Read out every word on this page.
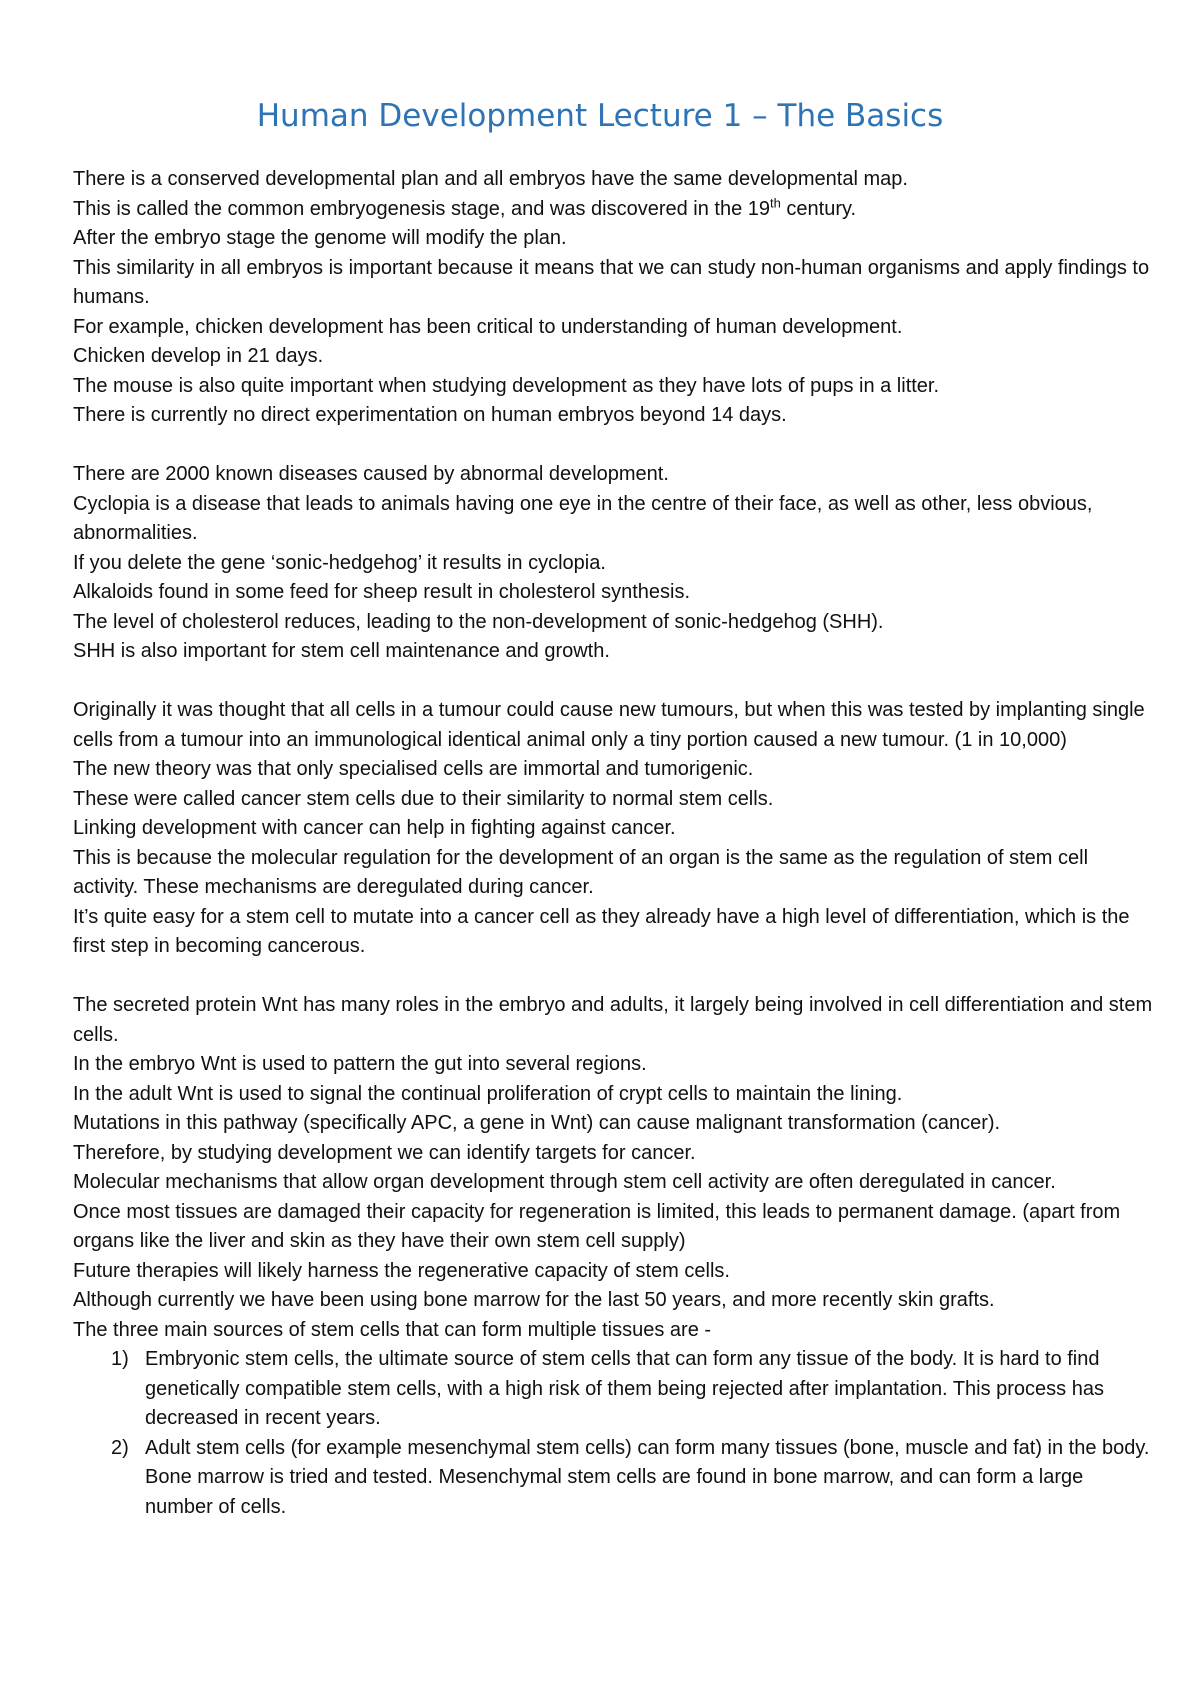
Human Development Lecture 1 – The Basics

There is a conserved developmental plan and all embryos have the same developmental map.

This is called the common embryogenesis stage, and was discovered in the 19th century.

After the embryo stage the genome will modify the plan.

This similarity in all embryos is important because it means that we can study non-human organisms and apply findings to humans.

For example, chicken development has been critical to understanding of human development.

Chicken develop in 21 days.

The mouse is also quite important when studying development as they have lots of pups in a litter.

There is currently no direct experimentation on human embryos beyond 14 days.

There are 2000 known diseases caused by abnormal development.

Cyclopia is a disease that leads to animals having one eye in the centre of their face, as well as other, less obvious, abnormalities.

If you delete the gene ‘sonic-hedgehog’ it results in cyclopia.

Alkaloids found in some feed for sheep result in cholesterol synthesis.

The level of cholesterol reduces, leading to the non-development of sonic-hedgehog (SHH).

SHH is also important for stem cell maintenance and growth.

Originally it was thought that all cells in a tumour could cause new tumours, but when this was tested by implanting single cells from a tumour into an immunological identical animal only a tiny portion caused a new tumour. (1 in 10,000)

The new theory was that only specialised cells are immortal and tumorigenic.

These were called cancer stem cells due to their similarity to normal stem cells.

Linking development with cancer can help in fighting against cancer.

This is because the molecular regulation for the development of an organ is the same as the regulation of stem cell activity. These mechanisms are deregulated during cancer.

It’s quite easy for a stem cell to mutate into a cancer cell as they already have a high level of differentiation, which is the first step in becoming cancerous.

The secreted protein Wnt has many roles in the embryo and adults, it largely being involved in cell differentiation and stem cells.

In the embryo Wnt is used to pattern the gut into several regions.

In the adult Wnt is used to signal the continual proliferation of crypt cells to maintain the lining.

Mutations in this pathway (specifically APC, a gene in Wnt) can cause malignant transformation (cancer).

Therefore, by studying development we can identify targets for cancer.

Molecular mechanisms that allow organ development through stem cell activity are often deregulated in cancer.

Once most tissues are damaged their capacity for regeneration is limited, this leads to permanent damage. (apart from organs like the liver and skin as they have their own stem cell supply)

Future therapies will likely harness the regenerative capacity of stem cells.

Although currently we have been using bone marrow for the last 50 years, and more recently skin grafts.

The three main sources of stem cells that can form multiple tissues are -

1) Embryonic stem cells, the ultimate source of stem cells that can form any tissue of the body. It is hard to find genetically compatible stem cells, with a high risk of them being rejected after implantation. This process has decreased in recent years.
2) Adult stem cells (for example mesenchymal stem cells) can form many tissues (bone, muscle and fat) in the body. Bone marrow is tried and tested. Mesenchymal stem cells are found in bone marrow, and can form a large number of cells.
